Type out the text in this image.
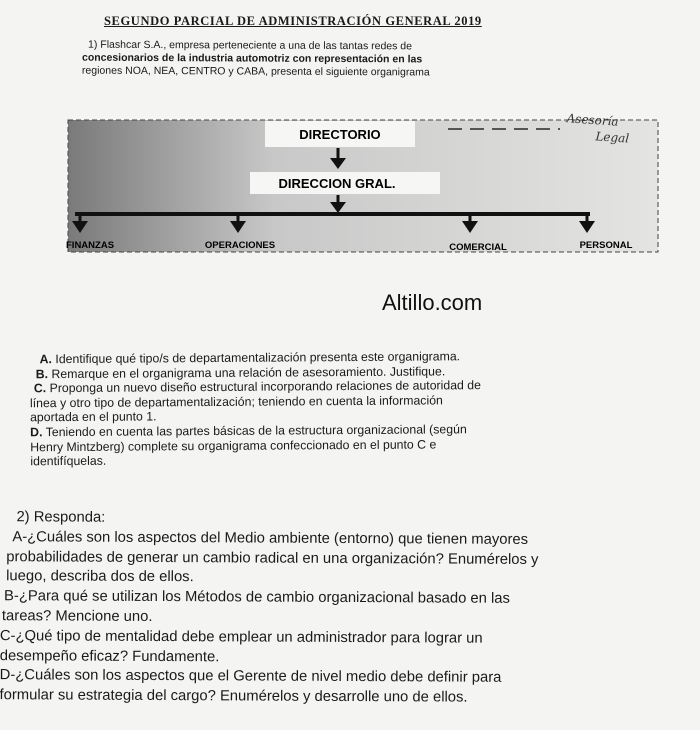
SEGUNDO PARCIAL DE ADMINISTRACIÓN GENERAL 2019

1) Flashcar S.A., empresa perteneciente a una de las tantas redes de

concesionarios de la industria automotriz con representación en las

regiones NOA, NEA, CENTRO y CABA, presenta el siguiente organigrama

DIRECTORIO
DIRECCION GRAL.
FINANZAS	OPERACIONES	COMERCIAL	PERSONAL
Asesoría
Legal
Altillo.com

A. Identifique qué tipo/s de departamentalización presenta este organigrama.

B. Remarque en el organigrama una relación de asesoramiento. Justifique.

C. Proponga un nuevo diseño estructural incorporando relaciones de autoridad de
línea y otro tipo de departamentalización; teniendo en cuenta la información
aportada en el punto 1.

D. Teniendo en cuenta las partes básicas de la estructura organizacional (según
Henry Mintzberg) complete su organigrama confeccionado en el punto C e
identifíquelas.

2) Responda:

A-¿Cuáles son los aspectos del Medio ambiente (entorno) que tienen mayores

probabilidades de generar un cambio radical en una organización? Enumérelos y

luego, describa dos de ellos.

B-¿Para qué se utilizan los Métodos de cambio organizacional basado en las

tareas? Mencione uno.

C-¿Qué tipo de mentalidad debe emplear un administrador para lograr un

desempeño eficaz? Fundamente.

D-¿Cuáles son los aspectos que el Gerente de nivel medio debe definir para

formular su estrategia del cargo? Enumérelos y desarrolle uno de ellos.
